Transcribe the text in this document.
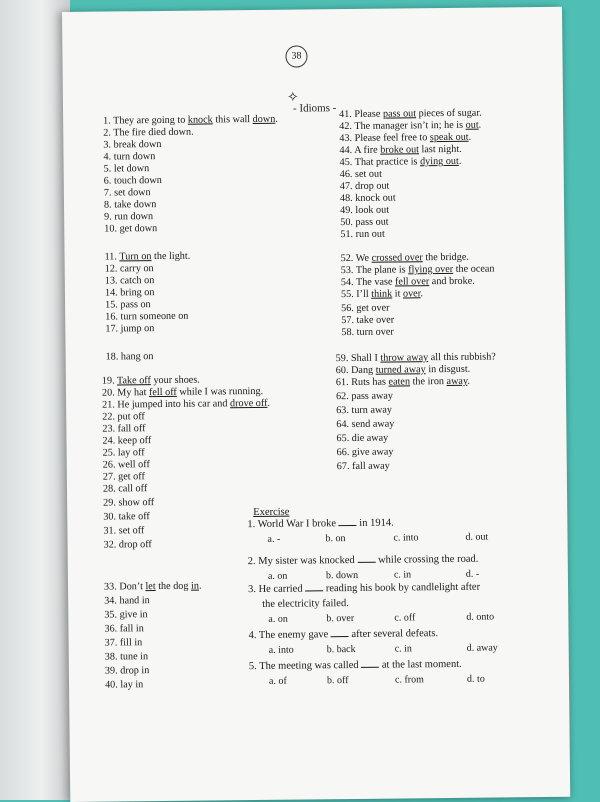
​
38
✧
- Idioms -
1. They are going to knock this wall down.
2. The fire died down.
3. break down
4. turn down
5. let down
6. touch down
7. set down
8. take down
9. run down
10. get down
11. Turn on the light.
12. carry on
13. catch on
14. bring on
15. pass on
16. turn someone on
17. jump on
18. hang on
19. Take off your shoes.
20. My hat fell off while I was running.
21. He jumped into his car and drove off.
22. put off
23. fall off
24. keep off
25. lay off
26. well off
27. get off
28. call off
29. show off
30. take off
31. set off
32. drop off
33. Don’t let the dog in.
34. hand in
35. give in
36. fall in
37. fill in
38. tune in
39. drop in
40. lay in
41. Please pass out pieces of sugar.
42. The manager isn’t in; he is out.
43. Please feel free to speak out.
44. A fire broke out last night.
45. That practice is dying out.
46. set out
47. drop out
48. knock out
49. look out
50. pass out
51. run out
52. We crossed over the bridge.
53. The plane is flying over the ocean
54. The vase fell over and broke.
55. I’ll think it over.
56. get over
57. take over
58. turn over
59. Shall I throw away all this rubbish?
60. Dang turned away in disgust.
61. Ruts has eaten the iron away.
62. pass away
63. turn away
64. send away
65. die away
66. give away
67. fall away
Exercise
1. World War I broke  in 1914.
a. -	b. on	c. into	d. out
2. My sister was knocked  while crossing the road.
a. on	b. down	c. in	d. -
3. He carried  reading his book by candlelight after
the electricity failed.
a. on	b. over	c. off	d. onto
4. The enemy gave  after several defeats.
a. into	b. back	c. in	d. away
5. The meeting was called  at the last moment.
a. of	b. off	c. from	d. to
